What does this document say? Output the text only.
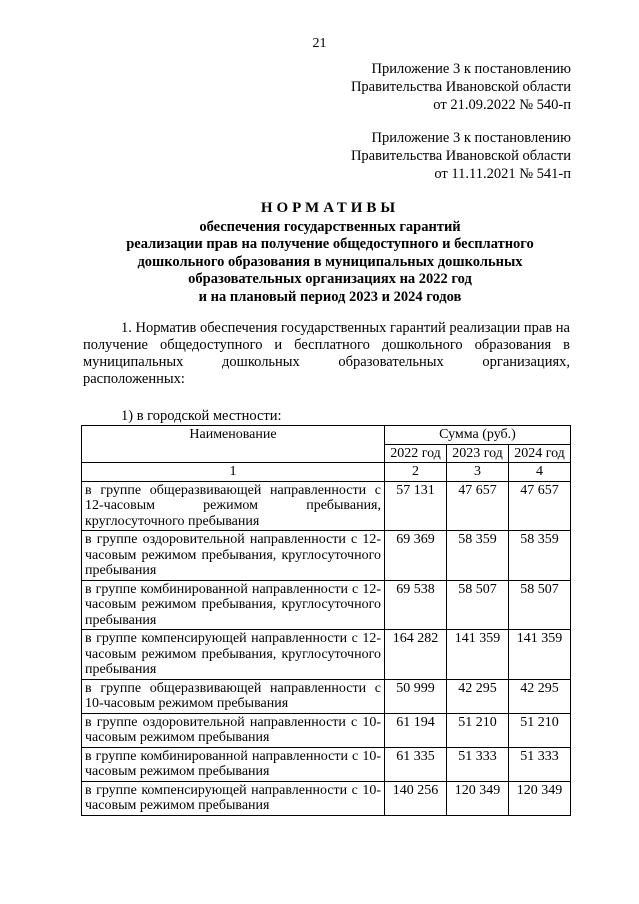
21
Приложение 3 к постановлению
Правительства Ивановской области
от 21.09.2022 № 540-п
Приложение 3 к постановлению
Правительства Ивановской области
от 11.11.2021 № 541-п
НОРМАТИВЫ
обеспечения государственных гарантий
реализации прав на получение общедоступного и бесплатного
дошкольного образования в муниципальных дошкольных
образовательных организациях на 2022 год
и на плановый период 2023 и 2024 годов
1. Норматив обеспечения государственных гарантий реализации прав на получение общедоступного и бесплатного дошкольного образования в муниципальных дошкольных образовательных организациях, расположенных:
1) в городской местности:
Наименование	Сумма (руб.)		
	2022 год	2023 год	2024 год
1	2	3	4
в группе общеразвивающей направленности с 12-часовым режимом пребывания, круглосуточного пребывания	57 131	47 657	47 657
в группе оздоровительной направленности с 12-часовым режимом пребывания, круглосуточного пребывания	69 369	58 359	58 359
в группе комбинированной направленности с 12-часовым режимом пребывания, круглосуточного пребывания	69 538	58 507	58 507
в группе компенсирующей направленности с 12-часовым режимом пребывания, круглосуточного пребывания	164 282	141 359	141 359
в группе общеразвивающей направленности с 10-часовым режимом пребывания	50 999	42 295	42 295
в группе оздоровительной направленности с 10-часовым режимом пребывания	61 194	51 210	51 210
в группе комбинированной направленности с 10-часовым режимом пребывания	61 335	51 333	51 333
в группе компенсирующей направленности с 10-часовым режимом пребывания	140 256	120 349	120 349
